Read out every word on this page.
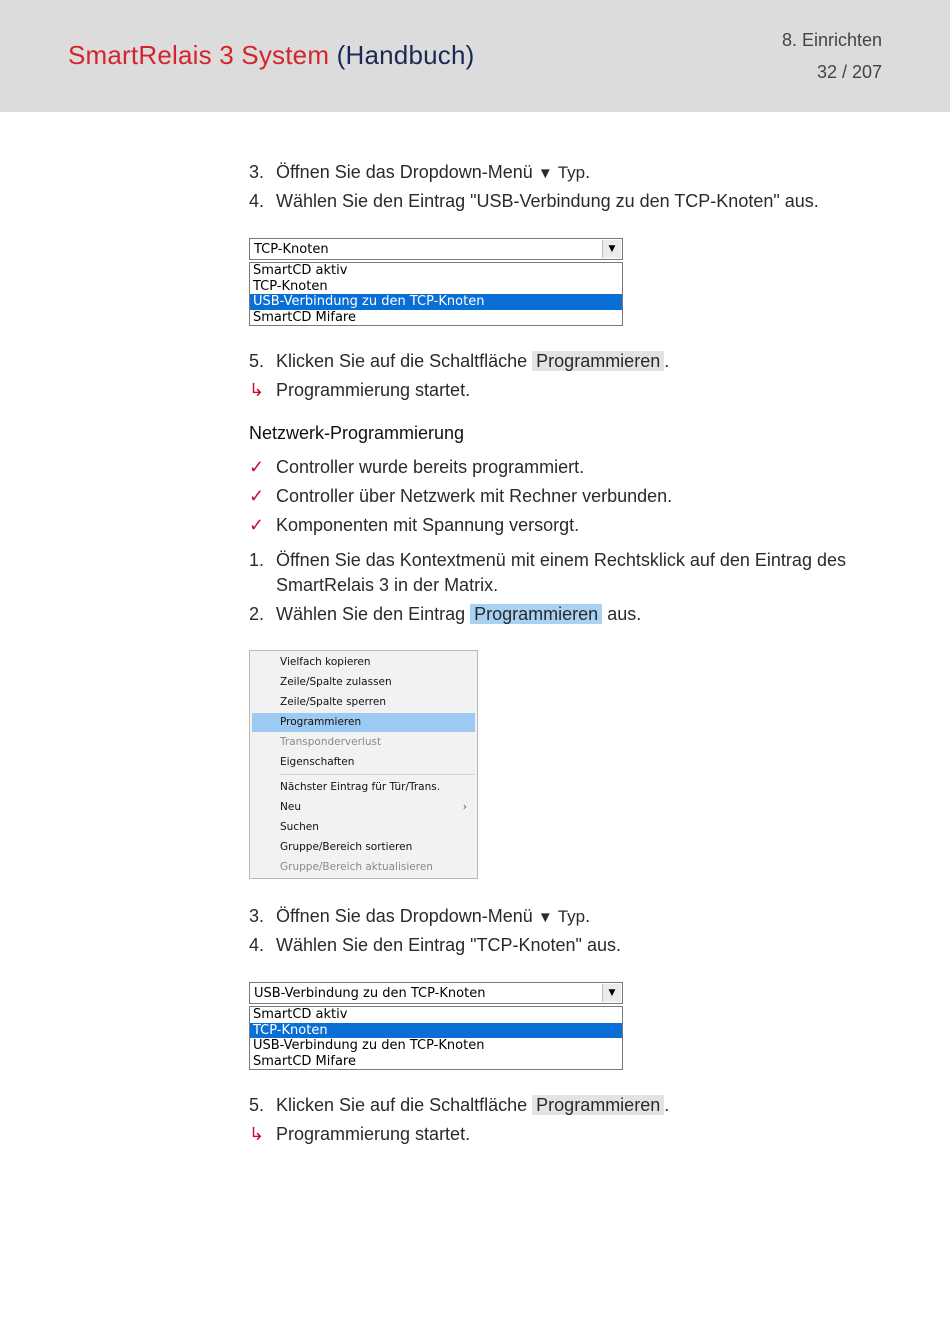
SmartRelais 3 System (Handbuch)	8. Einrichten
32 / 207
3. Öffnen Sie das Dropdown-Menü ▼ Typ.
4. Wählen Sie den Eintrag "USB-Verbindung zu den TCP-Knoten" aus.
TCP-Knoten	▼
SmartCD aktiv
TCP-Knoten
USB-Verbindung zu den TCP-Knoten
SmartCD Mifare
5. Klicken Sie auf die Schaltfläche Programmieren .
↳ Programmierung startet.
Netzwerk-Programmierung
✓ Controller wurde bereits programmiert.
✓ Controller über Netzwerk mit Rechner verbunden.
✓ Komponenten mit Spannung versorgt.
1. Öffnen Sie das Kontextmenü mit einem Rechtsklick auf den Eintrag des
SmartRelais 3 in der Matrix.
2. Wählen Sie den Eintrag Programmieren aus.
Vielfach kopieren
Zeile/Spalte zulassen
Zeile/Spalte sperren
Programmieren
Transponderverlust
Eigenschaften
Nächster Eintrag für Tür/Trans.
Neu	›
Suchen
Gruppe/Bereich sortieren
Gruppe/Bereich aktualisieren
3. Öffnen Sie das Dropdown-Menü ▼ Typ.
4. Wählen Sie den Eintrag "TCP-Knoten" aus.
USB-Verbindung zu den TCP-Knoten	▼
SmartCD aktiv
TCP-Knoten
USB-Verbindung zu den TCP-Knoten
SmartCD Mifare
5. Klicken Sie auf die Schaltfläche Programmieren .
↳ Programmierung startet.
